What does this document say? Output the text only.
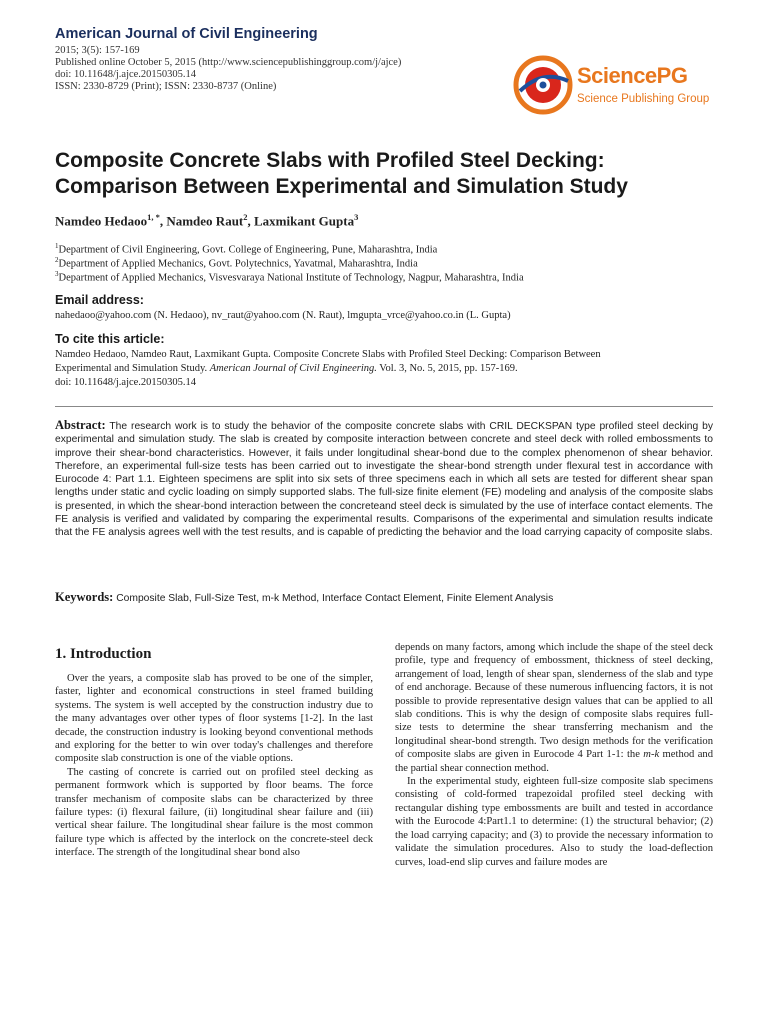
American Journal of Civil Engineering
2015; 3(5): 157-169
Published online October 5, 2015 (http://www.sciencepublishinggroup.com/j/ajce)
doi: 10.11648/j.ajce.20150305.14
ISSN: 2330-8729 (Print); ISSN: 2330-8737 (Online)	SciencePG
Science Publishing Group
Composite Concrete Slabs with Profiled Steel Decking:
Comparison Between Experimental and Simulation Study
Namdeo Hedaoo$^{1, *}$, Namdeo Raut$^2$, Laxmikant Gupta$^3$
$^1$Department of Civil Engineering, Govt. College of Engineering, Pune, Maharashtra, India
$^2$Department of Applied Mechanics, Govt. Polytechnics, Yavatmal, Maharashtra, India
$^3$Department of Applied Mechanics, Visvesvaraya National Institute of Technology, Nagpur, Maharashtra, India
Email address:
nahedaoo@yahoo.com (N. Hedaoo), nv_raut@yahoo.com (N. Raut), lmgupta_vrce@yahoo.co.in (L. Gupta)
To cite this article:
Namdeo Hedaoo, Namdeo Raut, Laxmikant Gupta. Composite Concrete Slabs with Profiled Steel Decking: Comparison Between
Experimental and Simulation Study. American Journal of Civil Engineering. Vol. 3, No. 5, 2015, pp. 157-169.
doi: 10.11648/j.ajce.20150305.14

Abstract: The research work is to study the behavior of the composite concrete slabs with CRIL DECKSPAN type profiled steel decking by experimental and simulation study. The slab is created by composite interaction between concrete and steel deck with rolled embossments to improve their shear-bond characteristics. However, it fails under longitudinal shear-bond due to the complex phenomenon of shear behavior. Therefore, an experimental full-size tests has been carried out to investigate the shear-bond strength under flexural test in accordance with Eurocode 4: Part 1.1. Eighteen specimens are split into six sets of three specimens each in which all sets are tested for different shear span lengths under static and cyclic loading on simply supported slabs. The full-size finite element (FE) modeling and analysis of the composite slabs is presented, in which the shear-bond interaction between the concreteand steel deck is simulated by the use of interface contact elements. The FE analysis is verified and validated by comparing the experimental results. Comparisons of the experimental and simulation results indicate that the FE analysis agrees well with the test results, and is capable of predicting the behavior and the load carrying capacity of composite slabs.

Keywords: Composite Slab, Full-Size Test, m-k Method, Interface Contact Element, Finite Element Analysis

1. Introduction

Over the years, a composite slab has proved to be one of the simpler, faster, lighter and economical constructions in steel framed building systems. The system is well accepted by the construction industry due to the many advantages over other types of floor systems [1-2]. In the last decade, the construction industry is looking beyond conventional methods and exploring for the better to win over today's challenges and therefore composite slab construction is one of the viable options.

The casting of concrete is carried out on profiled steel decking as permanent formwork which is supported by floor beams. The force transfer mechanism of composite slabs can be characterized by three failure types: (i) flexural failure, (ii) longitudinal shear failure and (iii) vertical shear failure. The longitudinal shear failure is the most common failure type which is affected by the interlock on the concrete-steel deck interface. The strength of the longitudinal shear bond also

depends on many factors, among which include the shape of the steel deck profile, type and frequency of embossment, thickness of steel decking, arrangement of load, length of shear span, slenderness of the slab and type of end anchorage. Because of these numerous influencing factors, it is not possible to provide representative design values that can be applied to all slab conditions. This is why the design of composite slabs requires full-size tests to determine the shear transferring mechanism and the longitudinal shear-bond strength. Two design methods for the verification of composite slabs are given in Eurocode 4 Part 1-1: the m-k method and the partial shear connection method.

In the experimental study, eighteen full-size composite slab specimens consisting of cold-formed trapezoidal profiled steel decking with rectangular dishing type embossments are built and tested in accordance with the Eurocode 4:Part1.1 to determine: (1) the structural behavior; (2) the load carrying capacity; and (3) to provide the necessary information to validate the simulation procedures. Also to study the load-deflection curves, load-end slip curves and failure modes are
